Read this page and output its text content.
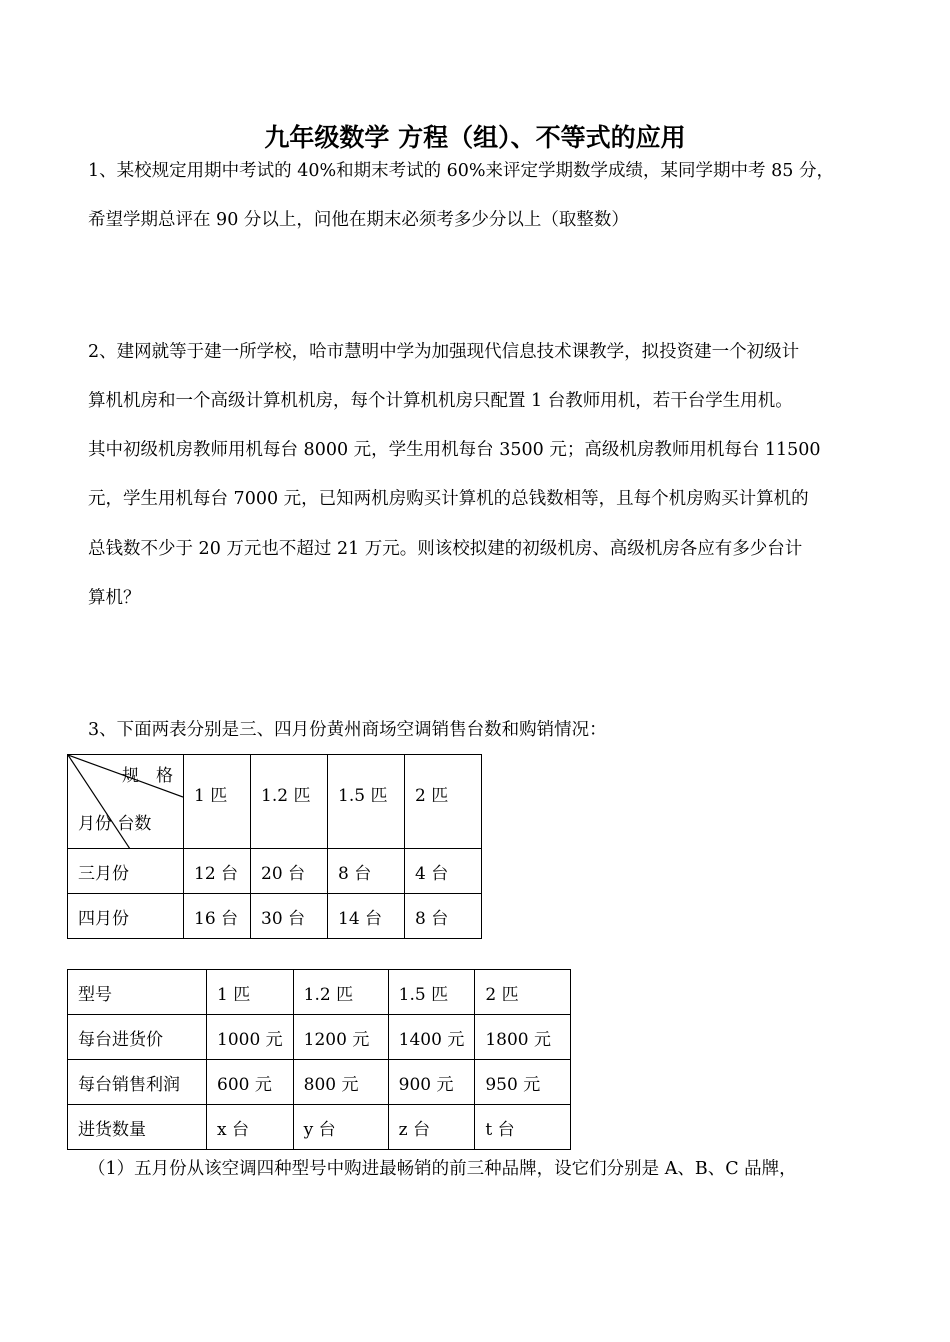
九年级数学 方程（组）、不等式的应用
1、某校规定用期中考试的 40%和期末考试的 60%来评定学期数学成绩，某同学期中考 85 分，
希望学期总评在 90 分以上，问他在期末必须考多少分以上（取整数）
2、建网就等于建一所学校，哈市慧明中学为加强现代信息技术课教学，拟投资建一个初级计
算机机房和一个高级计算机机房，每个计算机机房只配置 1 台教师用机，若干台学生用机。
其中初级机房教师用机每台 8000 元，学生用机每台 3500 元；高级机房教师用机每台 11500
元，学生用机每台 7000 元，已知两机房购买计算机的总钱数相等，且每个机房购买计算机的
总钱数不少于 20 万元也不超过 21 万元。则该校拟建的初级机房、高级机房各应有多少台计
算机？
3、下面两表分别是三、四月份黄州商场空调销售台数和购销情况：
规　格
月份 台数	1 匹	1.2 匹	1.5 匹	2 匹
三月份	12 台	20 台	8 台	4 台
四月份	16 台	30 台	14 台	8 台
型号	1 匹	1.2 匹	1.5 匹	2 匹
每台进货价	1000 元	1200 元	1400 元	1800 元
每台销售利润	600 元	800 元	900 元	950 元
进货数量	x 台	y 台	z 台	t 台
（1）五月份从该空调四种型号中购进最畅销的前三种品牌，设它们分别是 A、B、C 品牌，
